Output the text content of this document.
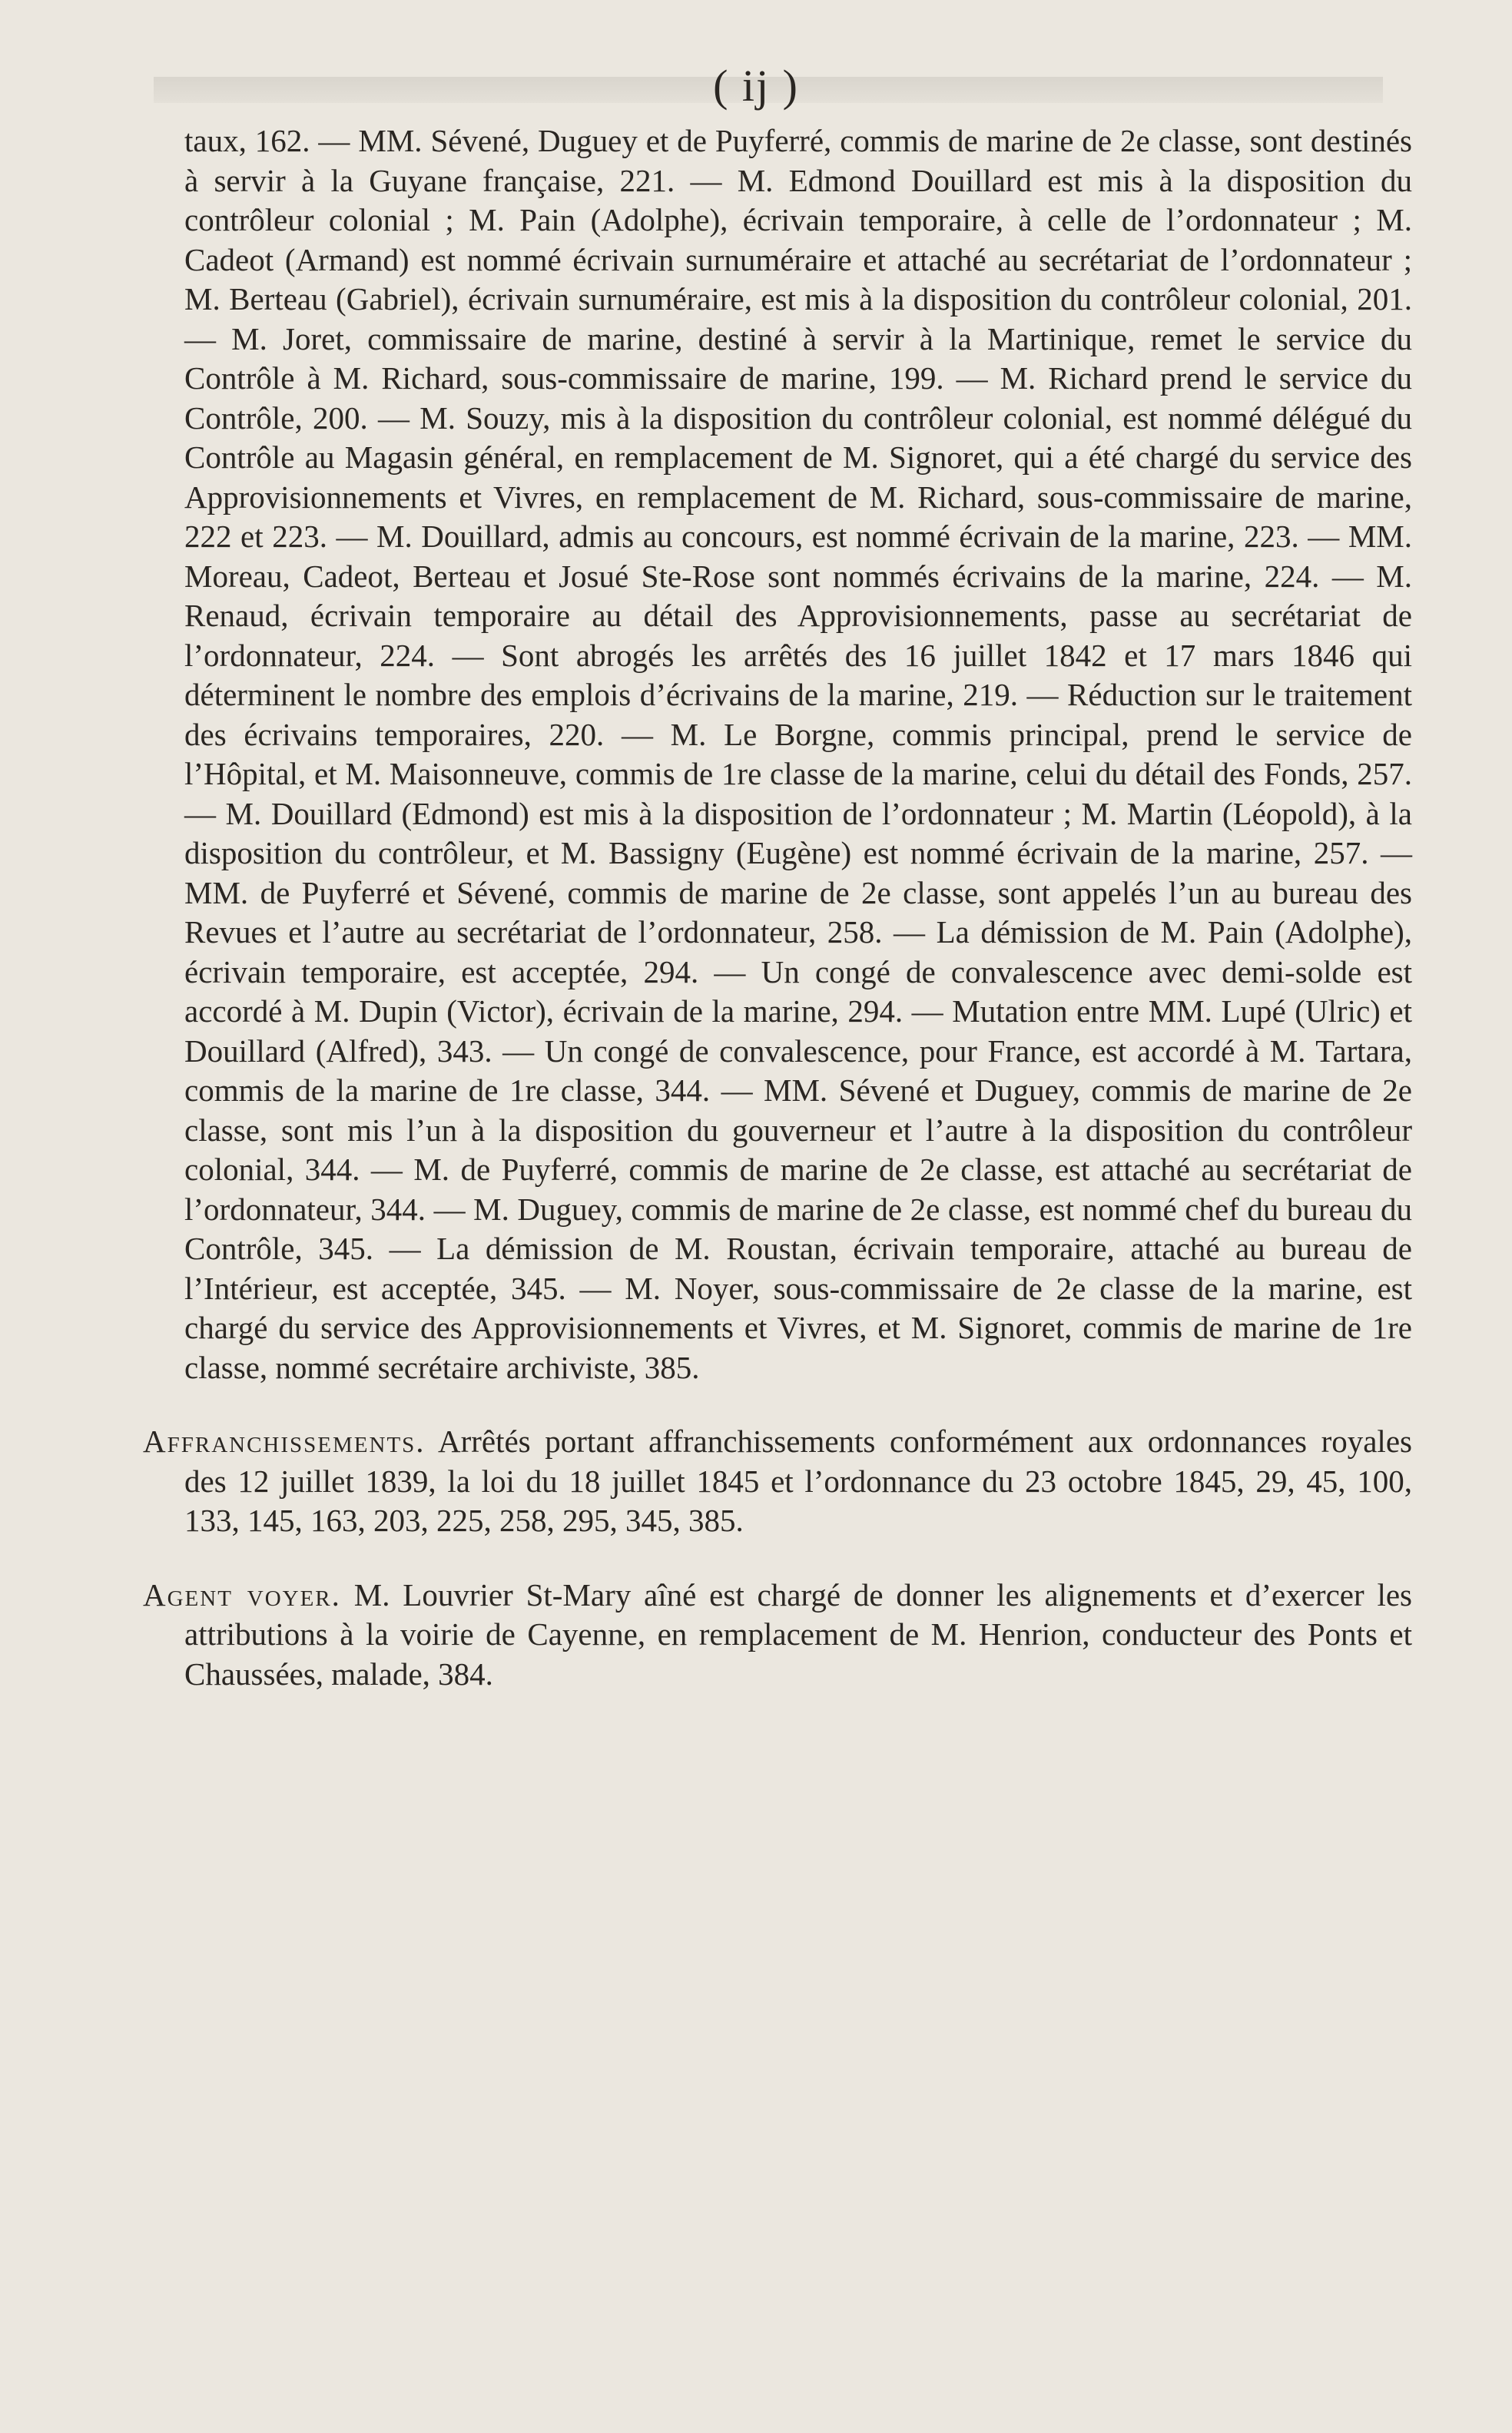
( ij )

taux, 162. — MM. Sévené, Duguey et de Puyferré, commis de marine de 2e classe, sont destinés à servir à la Guyane française, 221. — M. Edmond Douillard est mis à la disposition du contrôleur colonial ; M. Pain (Adolphe), écrivain temporaire, à celle de l’ordonnateur ; M. Cadeot (Armand) est nommé écrivain surnuméraire et attaché au secrétariat de l’ordonnateur ; M. Berteau (Gabriel), écrivain surnuméraire, est mis à la disposition du contrôleur colonial, 201. — M. Joret, commissaire de marine, destiné à servir à la Martinique, remet le service du Contrôle à M. Richard, sous-commissaire de marine, 199. — M. Richard prend le service du Contrôle, 200. — M. Souzy, mis à la disposition du contrôleur colonial, est nommé délégué du Contrôle au Magasin général, en remplacement de M. Signoret, qui a été chargé du service des Approvisionnements et Vivres, en remplacement de M. Richard, sous-commissaire de marine, 222 et 223. — M. Douillard, admis au concours, est nommé écrivain de la marine, 223. — MM. Moreau, Cadeot, Berteau et Josué Ste-Rose sont nommés écrivains de la marine, 224. — M. Renaud, écrivain temporaire au détail des Approvisionnements, passe au secrétariat de l’ordonnateur, 224. — Sont abrogés les arrêtés des 16 juillet 1842 et 17 mars 1846 qui déterminent le nombre des emplois d’écrivains de la marine, 219. — Réduction sur le traitement des écrivains temporaires, 220. — M. Le Borgne, commis principal, prend le service de l’Hôpital, et M. Maisonneuve, commis de 1re classe de la marine, celui du détail des Fonds, 257. — M. Douillard (Edmond) est mis à la disposition de l’ordonnateur ; M. Martin (Léopold), à la disposition du contrôleur, et M. Bassigny (Eugène) est nommé écrivain de la marine, 257. — MM. de Puyferré et Sévené, commis de marine de 2e classe, sont appelés l’un au bureau des Revues et l’autre au secrétariat de l’ordonnateur, 258. — La démission de M. Pain (Adolphe), écrivain temporaire, est acceptée, 294. — Un congé de convalescence avec demi-solde est accordé à M. Dupin (Victor), écrivain de la marine, 294. — Mutation entre MM. Lupé (Ulric) et Douillard (Alfred), 343. — Un congé de convalescence, pour France, est accordé à M. Tartara, commis de la marine de 1re classe, 344. — MM. Sévené et Duguey, commis de marine de 2e classe, sont mis l’un à la disposition du gouverneur et l’autre à la disposition du contrôleur colonial, 344. — M. de Puyferré, commis de marine de 2e classe, est attaché au secrétariat de l’ordonnateur, 344. — M. Duguey, commis de marine de 2e classe, est nommé chef du bureau du Contrôle, 345. — La démission de M. Roustan, écrivain temporaire, attaché au bureau de l’Intérieur, est acceptée, 345. — M. Noyer, sous-commissaire de 2e classe de la marine, est chargé du service des Approvisionnements et Vivres, et M. Signoret, commis de marine de 1re classe, nommé secrétaire archiviste, 385.

Affranchissements. Arrêtés portant affranchissements conformément aux ordonnances royales des 12 juillet 1839, la loi du 18 juillet 1845 et l’ordonnance du 23 octobre 1845, 29, 45, 100, 133, 145, 163, 203, 225, 258, 295, 345, 385.

Agent voyer. M. Louvrier St-Mary aîné est chargé de donner les alignements et d’exercer les attributions à la voirie de Cayenne, en remplacement de M. Henrion, conducteur des Ponts et Chaussées, malade, 384.
